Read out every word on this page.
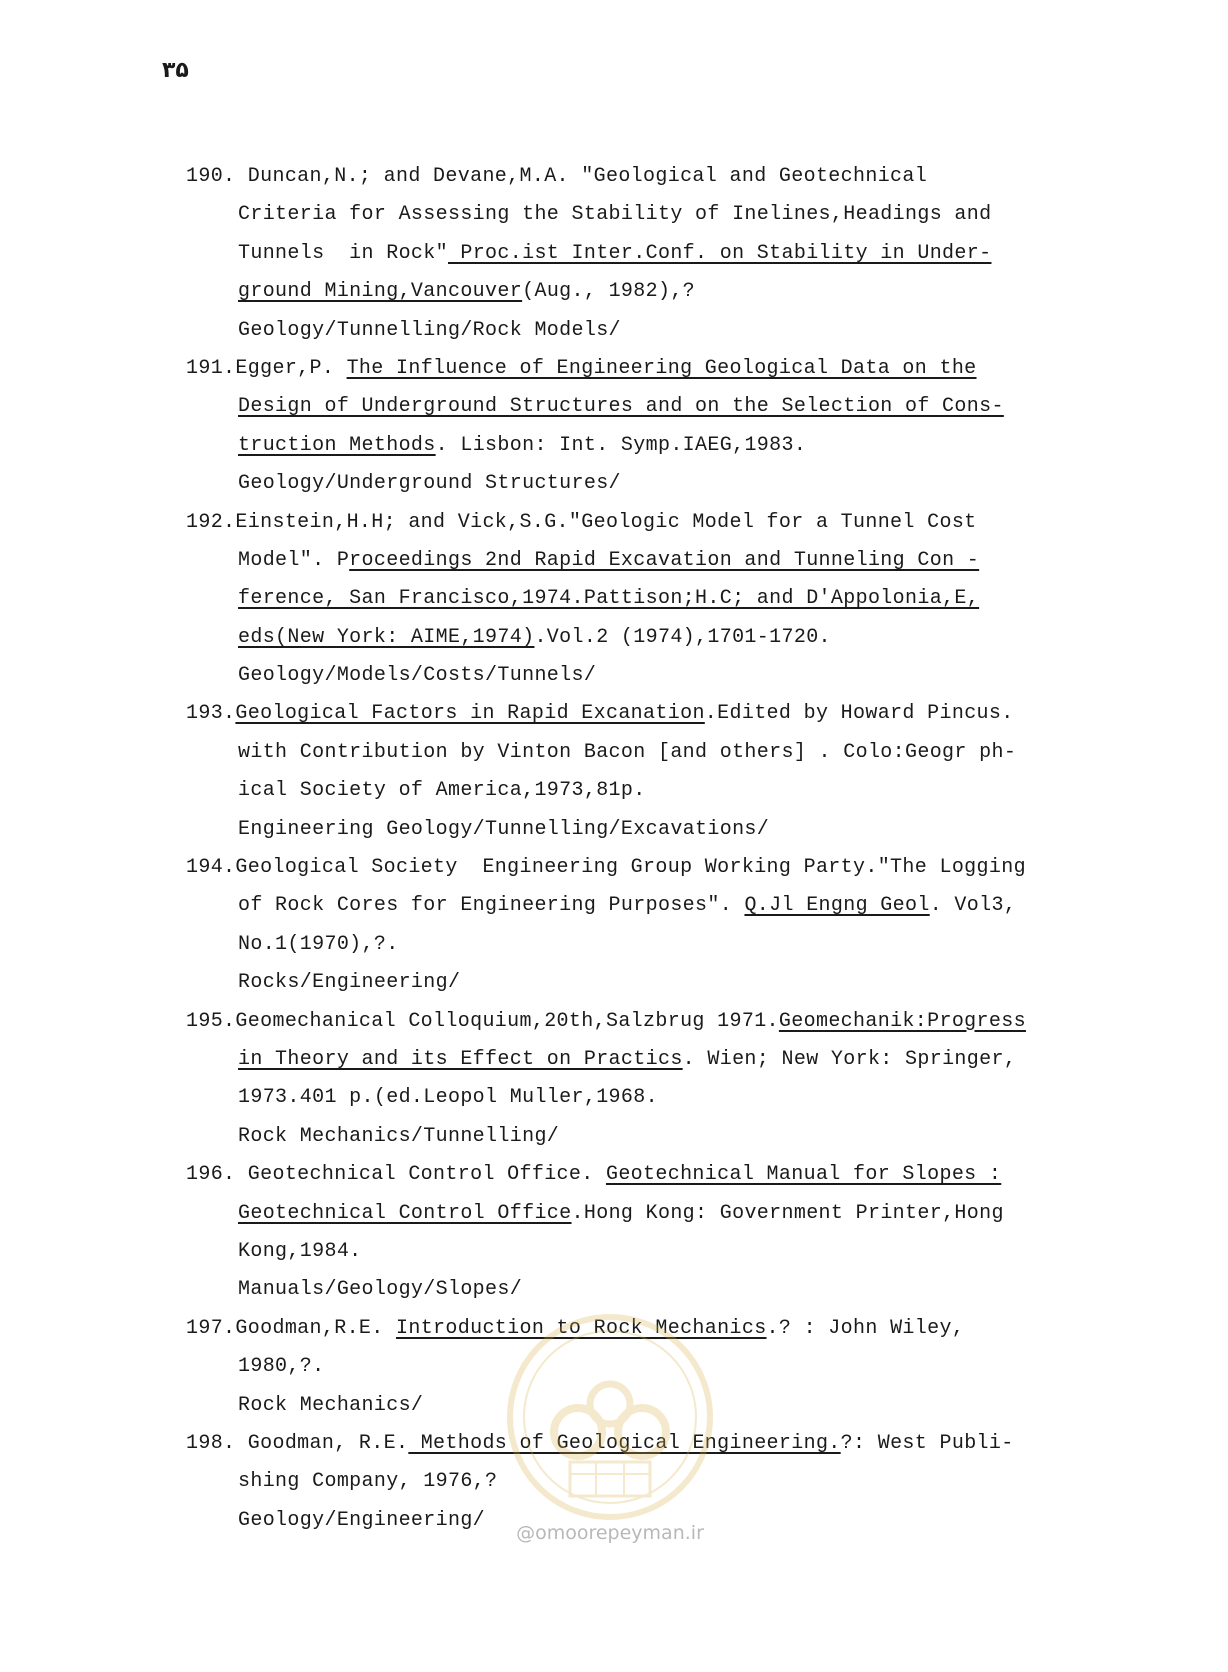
۳۵
190. Duncan,N.; and Devane,M.A. "Geological and Geotechnical
Criteria for Assessing the Stability of Inelines,Headings and
Tunnels  in Rock" Proc.ist Inter.Conf. on Stability in Under-
ground Mining,Vancouver(Aug., 1982),?
Geology/Tunnelling/Rock Models/
191.Egger,P. The Influence of Engineering Geological Data on the
Design of Underground Structures and on the Selection of Cons-
truction Methods. Lisbon: Int. Symp.IAEG,1983.
Geology/Underground Structures/
192.Einstein,H.H; and Vick,S.G."Geologic Model for a Tunnel Cost
Model". Proceedings 2nd Rapid Excavation and Tunneling Con -
ference, San Francisco,1974.Pattison;H.C; and D'Appolonia,E,
eds(New York: AIME,1974).Vol.2 (1974),1701-1720.
Geology/Models/Costs/Tunnels/
193.Geological Factors in Rapid Excanation.Edited by Howard Pincus.
with Contribution by Vinton Bacon [and others] . Colo:Geogr ph-
ical Society of America,1973,81p.
Engineering Geology/Tunnelling/Excavations/
194.Geological Society  Engineering Group Working Party."The Logging
of Rock Cores for Engineering Purposes". Q.Jl Engng Geol. Vol3,
No.1(1970),?.
Rocks/Engineering/
195.Geomechanical Colloquium,20th,Salzbrug 1971.Geomechanik:Progress
in Theory and its Effect on Practics. Wien; New York: Springer,
1973.401 p.(ed.Leopol Muller,1968.
Rock Mechanics/Tunnelling/
196. Geotechnical Control Office. Geotechnical Manual for Slopes :
Geotechnical Control Office.Hong Kong: Government Printer,Hong
Kong,1984.
Manuals/Geology/Slopes/
197.Goodman,R.E. Introduction to Rock Mechanics.? : John Wiley,
1980,?.
Rock Mechanics/
198. Goodman, R.E. Methods of Geological Engineering.?: West Publi-
shing Company, 1976,?
Geology/Engineering/
@omoorepeyman.ir
